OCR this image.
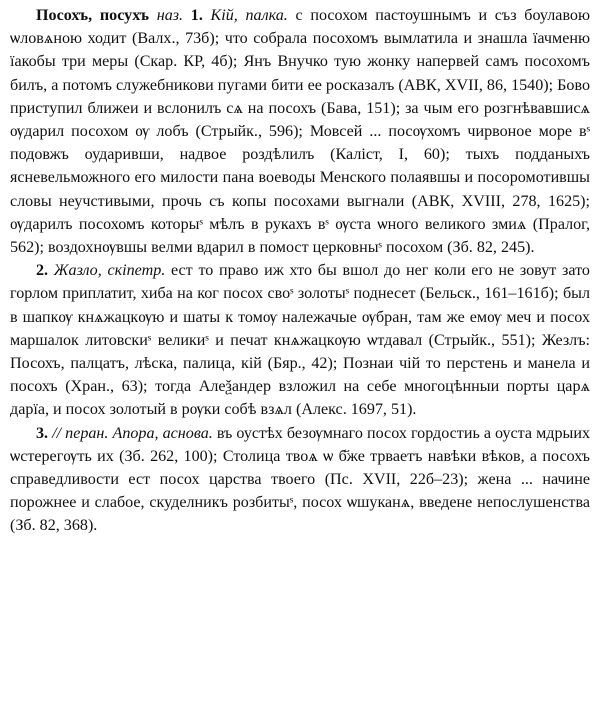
Посохъ, посухъ наз. 1. Кій, палка. с посохом пастоушнымъ и съз боулавою ѡловѧною ходит (Валх., 73б); что собрала посохомъ вымлатила и знашла їачменю їакобы три меры (Скар. КР, 4б); Янъ Внучко тую жонку напервей самъ посохомъ билъ, а потомъ служебникови пугами бити ее росказалъ (АВК, XVII, 86, 1540); Бово приступил ближеи и вслонилъ сѧ на посохъ (Бава, 151); за чым его розгнѣвавшисѧ ѹдарил посохом ѹ лобъ (Стрыйк., 596); Мовсей ... посѹхомъ чирвоное море вˢ подовжъ оударивши, надвое роздѣлилъ (Каліст, I, 60); тыхъ подданыхъ ясневельможного его милости пана воеводы Менского полаявшы и посоромотившы словы неучстивыми, прочь съ копы посохами выгнали (АВК, XVIII, 278, 1625); ѹдарилъ посохомъ которыˢ мѣлъ в рукахъ вˢ ѹста ѡного великого змиѧ (Пралог, 562); воздохнѹвшы велми вдарил в помост церковныˢ посохом (Зб. 82, 245).

2. Жазло, скіпетр. ест то право иж хто бы вшол до нег коли его не зовут зато горлом приплатит, хиба на ког посох своˢ золотыˢ поднесет (Бельск., 161–161б); был в шапкѹ кнѧжацкѹю и шаты к томѹ належачые ѹбран, там же емѹ меч и посох маршалок литовскиˢ великиˢ и печат кнѧжацкѹю ѡтдавал (Стрыйк., 551); Жезлъ: Посохъ, палцатъ, лѣска, палица, кій (Бяр., 42); Познаи чій то перстень и манела и посохъ (Хран., 63); тогда Алеѯандер взложил на себе многоцѣнныи порты царѧ дарїа, и посох золотый в рѹки собѣ взѧл (Алекс. 1697, 51).

3. // перан. Апора, аснова. въ оустѣх безѹмнаго посох гордостиь а оуста мдрыих ѡстерегѹть их (Зб. 262, 100); Столица твоѧ ѡ б҃же трваетъ навѣки вѣков, а посохъ справедливости ест посох царства твоего (Пс. XVII, 22б–23); жена ... начине порожнее и слабое, скуделникъ розбитыˢ, посох ѡшуканѧ, введене непослушенства (Зб. 82, 368).
